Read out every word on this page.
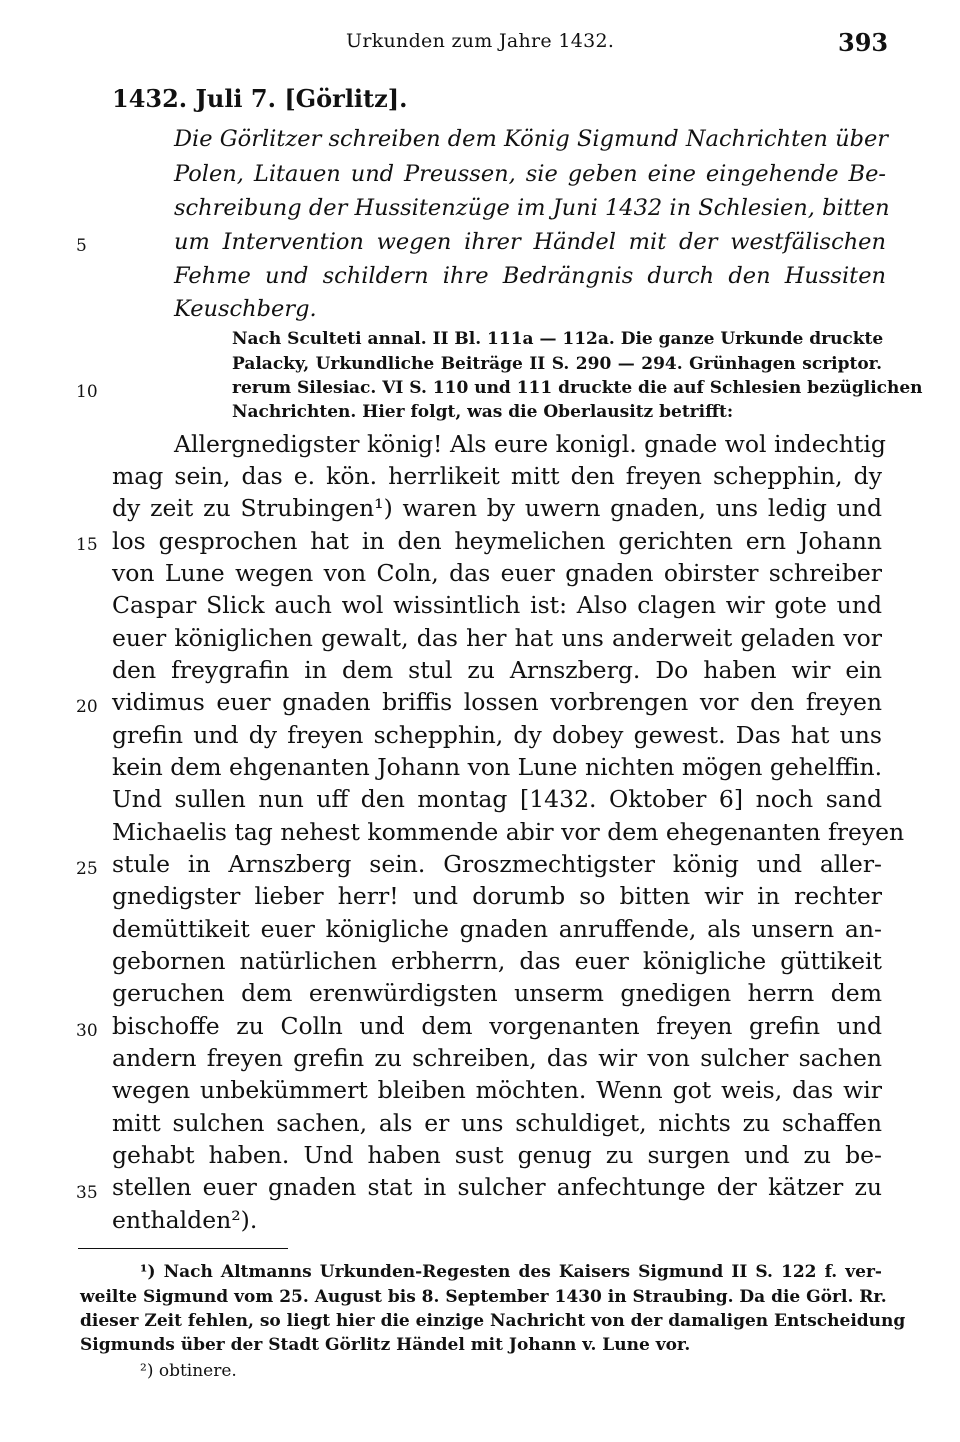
Urkunden zum Jahre 1432.	393
1432. Juli 7. [Görlitz].
Die Görlitzer schreiben dem König Sigmund Nachrichten über
Polen, Litauen und Preussen, sie geben eine eingehende Be-
schreibung der Hussitenzüge im Juni 1432 in Schlesien, bitten
um Intervention wegen ihrer Händel mit der westfälischen
Fehme und schildern ihre Bedrängnis durch den Hussiten
Keuschberg.
Nach Sculteti annal. II Bl. 111a — 112a. Die ganze Urkunde druckte
Palacky, Urkundliche Beiträge II S. 290 — 294. Grünhagen scriptor.
rerum Silesiac. VI S. 110 und 111 druckte die auf Schlesien bezüglichen
Nachrichten. Hier folgt, was die Oberlausitz betrifft:
Allergnedigster könig! Als eure konigl. gnade wol indechtig
mag sein, das e. kön. herrlikeit mitt den freyen schepphin, dy
dy zeit zu Strubingen¹) waren by uwern gnaden, uns ledig und
los gesprochen hat in den heymelichen gerichten ern Johann
von Lune wegen von Coln, das euer gnaden obirster schreiber
Caspar Slick auch wol wissintlich ist: Also clagen wir gote und
euer königlichen gewalt, das her hat uns anderweit geladen vor
den freygrafin in dem stul zu Arnszberg. Do haben wir ein
vidimus euer gnaden briffis lossen vorbrengen vor den freyen
grefin und dy freyen schepphin, dy dobey gewest. Das hat uns
kein dem ehgenanten Johann von Lune nichten mögen gehelffin.
Und sullen nun uff den montag [1432. Oktober 6] noch sand
Michaelis tag nehest kommende abir vor dem ehegenanten freyen
stule in Arnszberg sein. Groszmechtigster könig und aller-
gnedigster lieber herr! und dorumb so bitten wir in rechter
demüttikeit euer königliche gnaden anruffende, als unsern an-
gebornen natürlichen erbherrn, das euer königliche güttikeit
geruchen dem erenwürdigsten unserm gnedigen herrn dem
bischoffe zu Colln und dem vorgenanten freyen grefin und
andern freyen grefin zu schreiben, das wir von sulcher sachen
wegen unbekümmert bleiben möchten. Wenn got weis, das wir
mitt sulchen sachen, als er uns schuldiget, nichts zu schaffen
gehabt haben. Und haben sust genug zu surgen und zu be-
stellen euer gnaden stat in sulcher anfechtunge der kätzer zu
enthalden²).
5
10
15
20
25
30
35
¹) Nach Altmanns Urkunden-Regesten des Kaisers Sigmund II S. 122 f. ver-
weilte Sigmund vom 25. August bis 8. September 1430 in Straubing. Da die Görl. Rr.
dieser Zeit fehlen, so liegt hier die einzige Nachricht von der damaligen Entscheidung
Sigmunds über der Stadt Görlitz Händel mit Johann v. Lune vor.
²) obtinere.
